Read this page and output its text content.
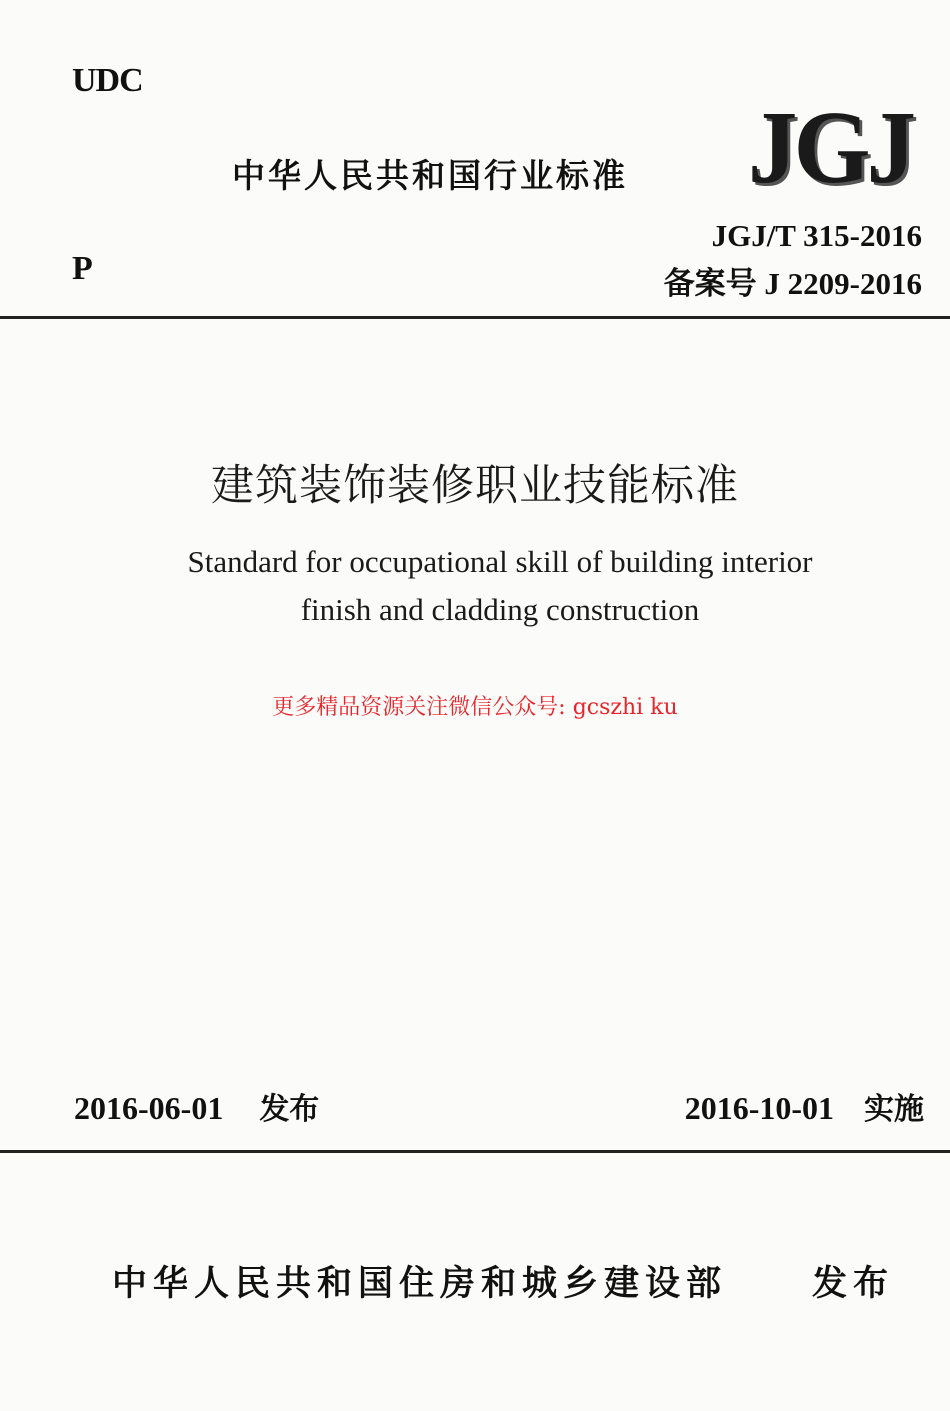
UDC
中华人民共和国行业标准 JGJ
JGJ/T 315-2016
P	备案号 J 2209-2016
建筑装饰装修职业技能标准
Standard for occupational skill of building interior
finish and cladding construction
更多精品资源关注微信公众号: gcszhi ku
2016-06-01 发布	2016-10-01 实施
中华人民共和国住房和城乡建设部 发布
